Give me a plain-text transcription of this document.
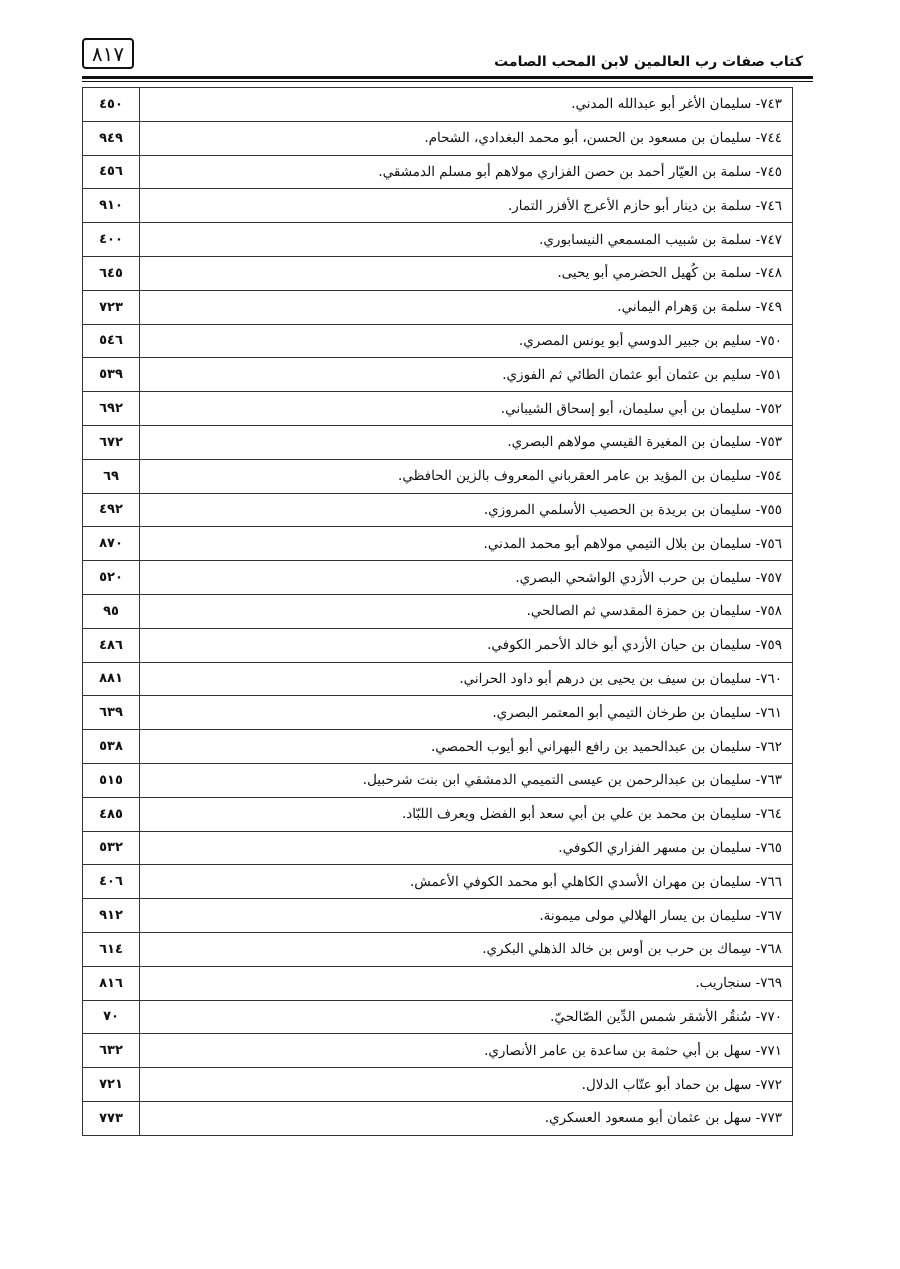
٨١٧	كتاب صفات رب العالمين لابن المحب الصامت
٤٥٠	٧٤٣- سليمان الأغر أبو عبدالله المدني.
٩٤٩	٧٤٤- سليمان بن مسعود بن الحسن، أبو محمد البغدادي، الشحام.
٤٥٦	٧٤٥- سلمة بن العيّار أحمد بن حصن الفزاري مولاهم أبو مسلم الدمشقي.
٩١٠	٧٤٦- سلمة بن دينار أبو حازم الأعرج الأفزر التمار.
٤٠٠	٧٤٧- سلمة بن شبيب المسمعي النيسابوري.
٦٤٥	٧٤٨- سلمة بن كُهيل الحضرمي أبو يحيى.
٧٢٣	٧٤٩- سلمة بن وَهرام اليماني.
٥٤٦	٧٥٠- سليم بن جبير الدوسي أبو يونس المصري.
٥٣٩	٧٥١- سليم بن عثمان أبو عثمان الطائي ثم الفوزي.
٦٩٢	٧٥٢- سليمان بن أبي سليمان، أبو إسحاق الشيباني.
٦٧٢	٧٥٣- سليمان بن المغيرة القيسي مولاهم البصري.
٦٩	٧٥٤- سليمان بن المؤيد بن عامر العقرباني المعروف بالزين الحافظي.
٤٩٢	٧٥٥- سليمان بن بريدة بن الحصيب الأسلمي المروزي.
٨٧٠	٧٥٦- سليمان بن بلال التيمي مولاهم أبو محمد المدني.
٥٢٠	٧٥٧- سليمان بن حرب الأزدي الواشحي البصري.
٩٥	٧٥٨- سليمان بن حمزة المقدسي ثم الصالحي.
٤٨٦	٧٥٩- سليمان بن حيان الأزدي أبو خالد الأحمر الكوفي.
٨٨١	٧٦٠- سليمان بن سيف بن يحيى بن درهم أبو داود الحراني.
٦٣٩	٧٦١- سليمان بن طرخان التيمي أبو المعتمر البصري.
٥٣٨	٧٦٢- سليمان بن عبدالحميد بن رافع البهراني أبو أيوب الحمصي.
٥١٥	٧٦٣- سليمان بن عبدالرحمن بن عيسى التميمي الدمشقي ابن بنت شرحبيل.
٤٨٥	٧٦٤- سليمان بن محمد بن علي بن أبي سعد أبو الفضل ويعرف اللبّاد.
٥٣٢	٧٦٥- سليمان بن مسهر الفزاري الكوفي.
٤٠٦	٧٦٦- سليمان بن مهران الأسدي الكاهلي أبو محمد الكوفي الأعمش.
٩١٢	٧٦٧- سليمان بن يسار الهلالي مولى ميمونة.
٦١٤	٧٦٨- سِماك بن حرب بن أوس بن خالد الذهلي البكري.
٨١٦	٧٦٩- سنجاريب.
٧٠	٧٧٠- سُنقُر الأشقر شمس الدِّين الصّالحيّ.
٦٣٢	٧٧١- سهل بن أبي حثمة بن ساعدة بن عامر الأنصاري.
٧٢١	٧٧٢- سهل بن حماد أبو عتّاب الدلال.
٧٧٣	٧٧٣- سهل بن عثمان أبو مسعود العسكري.
